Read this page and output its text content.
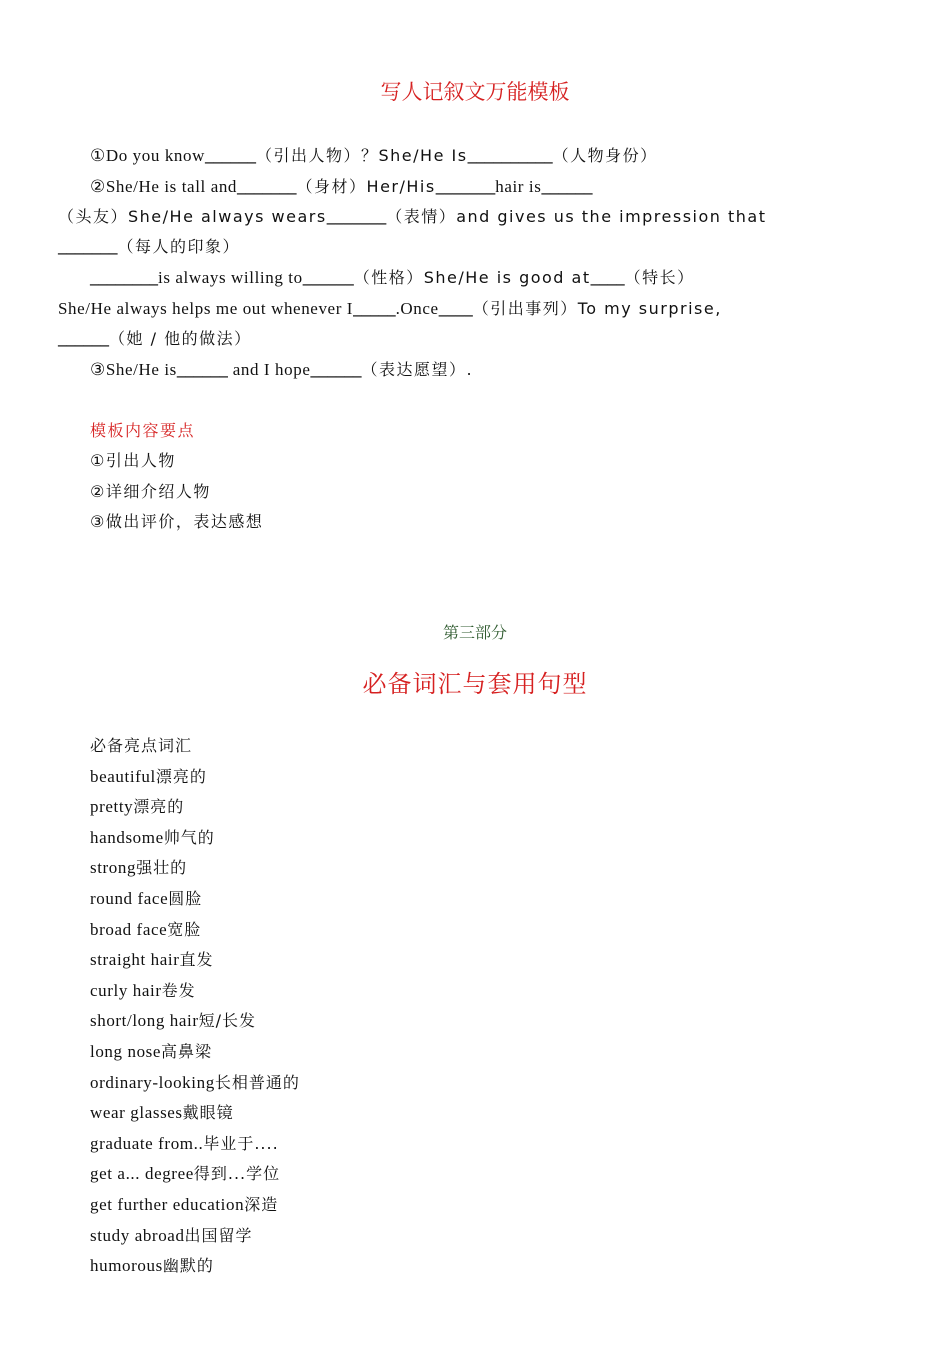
写人记叙文万能模板
①Do you know______（引出人物）？She/He Is__________（人物身份）
②She/He is tall and_______（身材）Her/His_______hair is______
（头友）She/He always wears_______（表情）and gives us the impression that
_______（每人的印象）
________is always willing to______（性格）She/He is good at____（特长）
She/He always helps me out whenever I_____.Once____（引出事列）To my surprise,
______（她 / 他的做法）
③She/He is______ and I hope______（表达愿望）.
模板内容要点
①引出人物
②详细介绍人物
③做出评价，表达感想
第三部分
必备词汇与套用句型
必备亮点词汇
beautiful漂亮的
pretty漂亮的
handsome帅气的
strong强壮的
round face圆脸
broad face宽脸
straight hair直发
curly hair卷发
short/long hair短/长发
long nose高鼻梁
ordinary-looking长相普通的
wear glasses戴眼镜
graduate from..毕业于....
get a... degree得到...学位
get further education深造
study abroad出国留学
humorous幽默的
